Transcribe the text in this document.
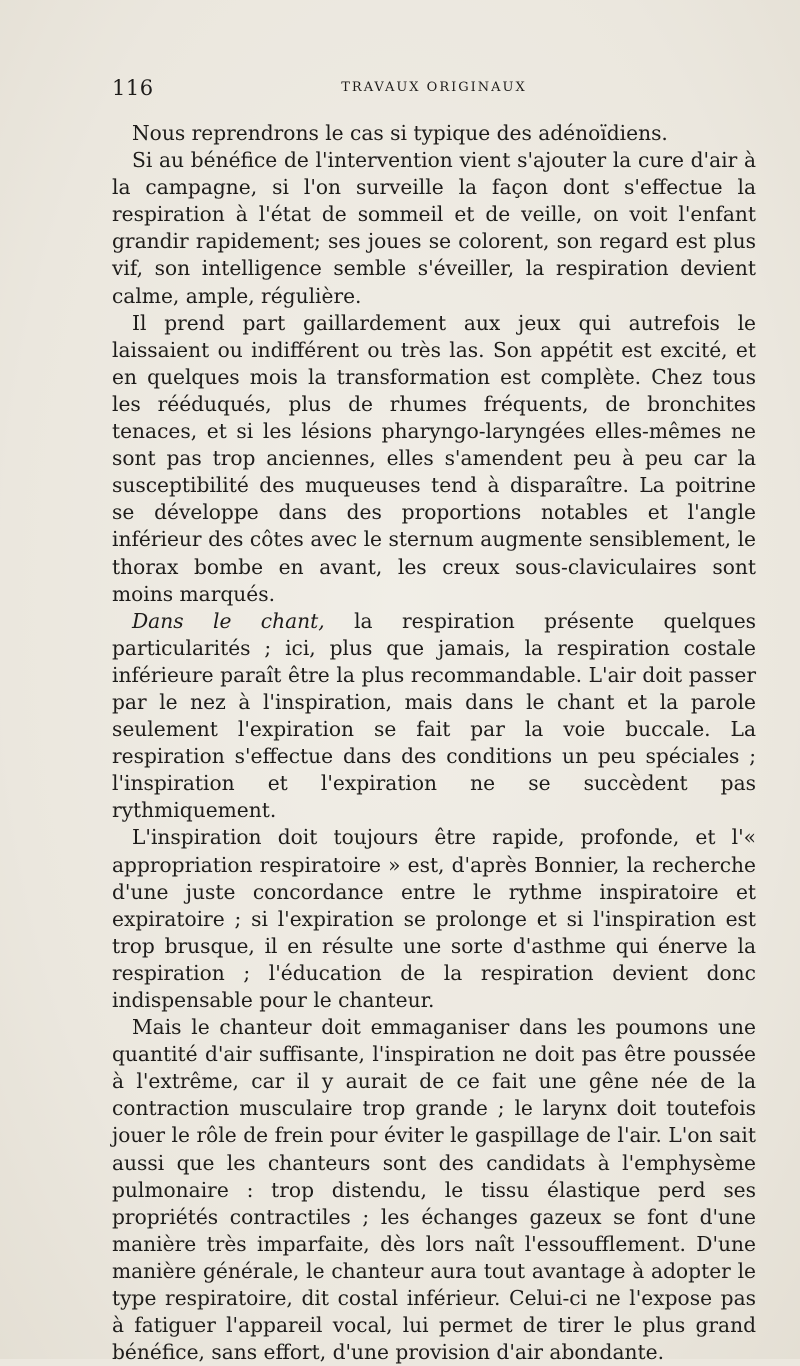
116	TRAVAUX ORIGINAUX

Nous reprendrons le cas si typique des adénoïdiens.

Si au bénéfice de l'intervention vient s'ajouter la cure d'air à la campagne, si l'on surveille la façon dont s'effectue la respiration à l'état de sommeil et de veille, on voit l'enfant grandir rapidement; ses joues se colorent, son regard est plus vif, son intelligence semble s'éveiller, la respiration devient calme, ample, régulière.

Il prend part gaillardement aux jeux qui autrefois le laissaient ou indifférent ou très las. Son appétit est excité, et en quelques mois la transformation est complète. Chez tous les rééduqués, plus de rhumes fréquents, de bronchites tenaces, et si les lésions pharyngo-laryngées elles-mêmes ne sont pas trop anciennes, elles s'amendent peu à peu car la susceptibilité des muqueuses tend à disparaître. La poitrine se développe dans des proportions notables et l'angle inférieur des côtes avec le sternum augmente sensiblement, le thorax bombe en avant, les creux sous-claviculaires sont moins marqués.

Dans le chant, la respiration présente quelques particularités ; ici, plus que jamais, la respiration costale inférieure paraît être la plus recommandable. L'air doit passer par le nez à l'inspiration, mais dans le chant et la parole seulement l'expiration se fait par la voie buccale. La respiration s'effectue dans des conditions un peu spéciales ; l'inspiration et l'expiration ne se succèdent pas rythmiquement.

L'inspiration doit toujours être rapide, profonde, et l'« appropriation respiratoire » est, d'après Bonnier, la recherche d'une juste concordance entre le rythme inspiratoire et expiratoire ; si l'expiration se prolonge et si l'inspiration est trop brusque, il en résulte une sorte d'asthme qui énerve la respiration ; l'éducation de la respiration devient donc indispensable pour le chanteur.

Mais le chanteur doit emmaganiser dans les poumons une quantité d'air suffisante, l'inspiration ne doit pas être poussée à l'extrême, car il y aurait de ce fait une gêne née de la contraction musculaire trop grande ; le larynx doit toutefois jouer le rôle de frein pour éviter le gaspillage de l'air. L'on sait aussi que les chanteurs sont des candidats à l'emphysème pulmonaire : trop distendu, le tissu élastique perd ses propriétés contractiles ; les échanges gazeux se font d'une manière très imparfaite, dès lors naît l'essoufflement. D'une manière générale, le chanteur aura tout avantage à adopter le type respiratoire, dit costal inférieur. Celui-ci ne l'expose pas à fatiguer l'appareil vocal, lui permet de tirer le plus grand bénéfice, sans effort, d'une provision d'air abondante.
